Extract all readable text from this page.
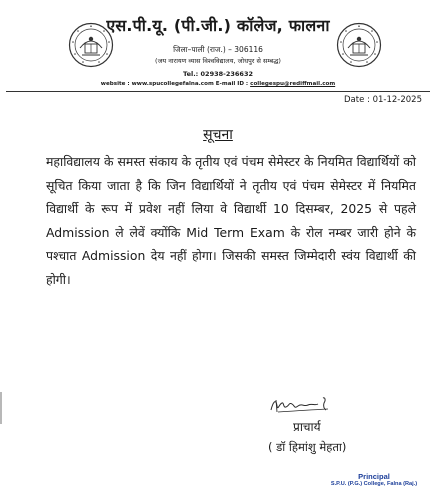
एस.पी.यू. (पी.जी.) कॉलेज, फालना
जिला–पाली (राज.) – 306116
(जय नारायण व्यास विश्वविद्यालय, जोधपुर से सम्बद्ध)
Tel.: 02938-236632
website : www.spucollegefalna.com E-mail ID : collegespu@rediffmail.com
Date : 01-12-2025
सूचना

महाविद्यालय के समस्त संकाय के तृतीय एवं पंचम सेमेस्टर के नियमित विद्यार्थियों को सूचित किया जाता है कि जिन विद्यार्थियों ने तृतीय एवं पंचम सेमेस्टर में नियमित विद्यार्थी के रूप में प्रवेश नहीं लिया वे विद्यार्थी 10 दिसम्बर, 2025 से पहले Admission ले लेवें क्योंकि Mid Term Exam के रोल नम्बर जारी होने के पश्चात Admission देय नहीं होगा। जिसकी समस्त जिम्मेदारी स्वंय विद्यार्थी की होगी।

प्राचार्य
( डॉ हिमांशु मेहता)
Principal
S.P.U. (P.G.) College, Falna (Raj.)
